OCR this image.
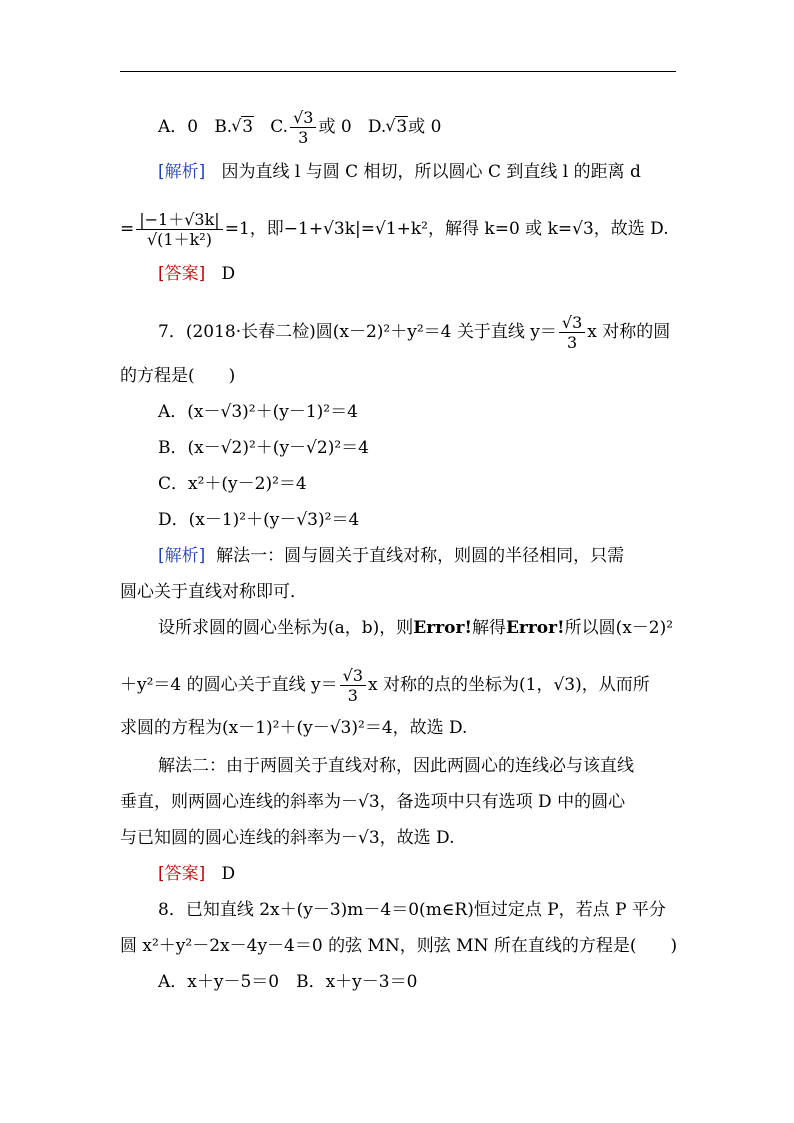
A．0 B. √ 3 C. $\frac{√3}{3}$ 或 0 D. √ 3或 0
[解析] 因为直线 l 与圆 C 相切，所以圆心 C 到直线 l 的距离 d
= $\frac{|-1+√3k|}{\text{√(1＋k²)}} =1$，即−1+√3k|=√1+k²，解得 k=0 或 k=√3，故选 D.
[答案] D
7．(2018·长春二检)圆(x－2)²＋y²＝4 关于直线 $y= \frac{√3}{3}$ x 对称的圆
的方程是(　　)
A．(x－√3)²＋(y－1)²＝4
B．(x－√2)²＋(y－√2)²＝4
C．x²＋(y－2)²＝4
D．(x－1)²＋(y－√3)²＝4
[解析] 解法一：圆与圆关于直线对称，则圆的半径相同，只需
圆心关于直线对称即可．
设所求圆的圆心坐标为(a，b)，则Error!解得Error!所以圆(x－2)²
＋y²＝4 的圆心关于直线 $y= \frac{√3}{3}$ x 对称的点的坐标为(1，√3)，从而所
求圆的方程为(x－1)²＋(y－√3)²＝4，故选 D.
解法二：由于两圆关于直线对称，因此两圆心的连线必与该直线
垂直，则两圆心连线的斜率为－√3，备选项中只有选项 D 中的圆心
与已知圆的圆心连线的斜率为－√3，故选 D.
[答案] D
8．已知直线 2x＋(y－3)m－4＝0(m∈R)恒过定点 P，若点 P 平分
圆 x²＋y²－2x－4y－4＝0 的弦 MN，则弦 MN 所在直线的方程是(　　)
A．x＋y－5＝0　B．x＋y－3＝0
